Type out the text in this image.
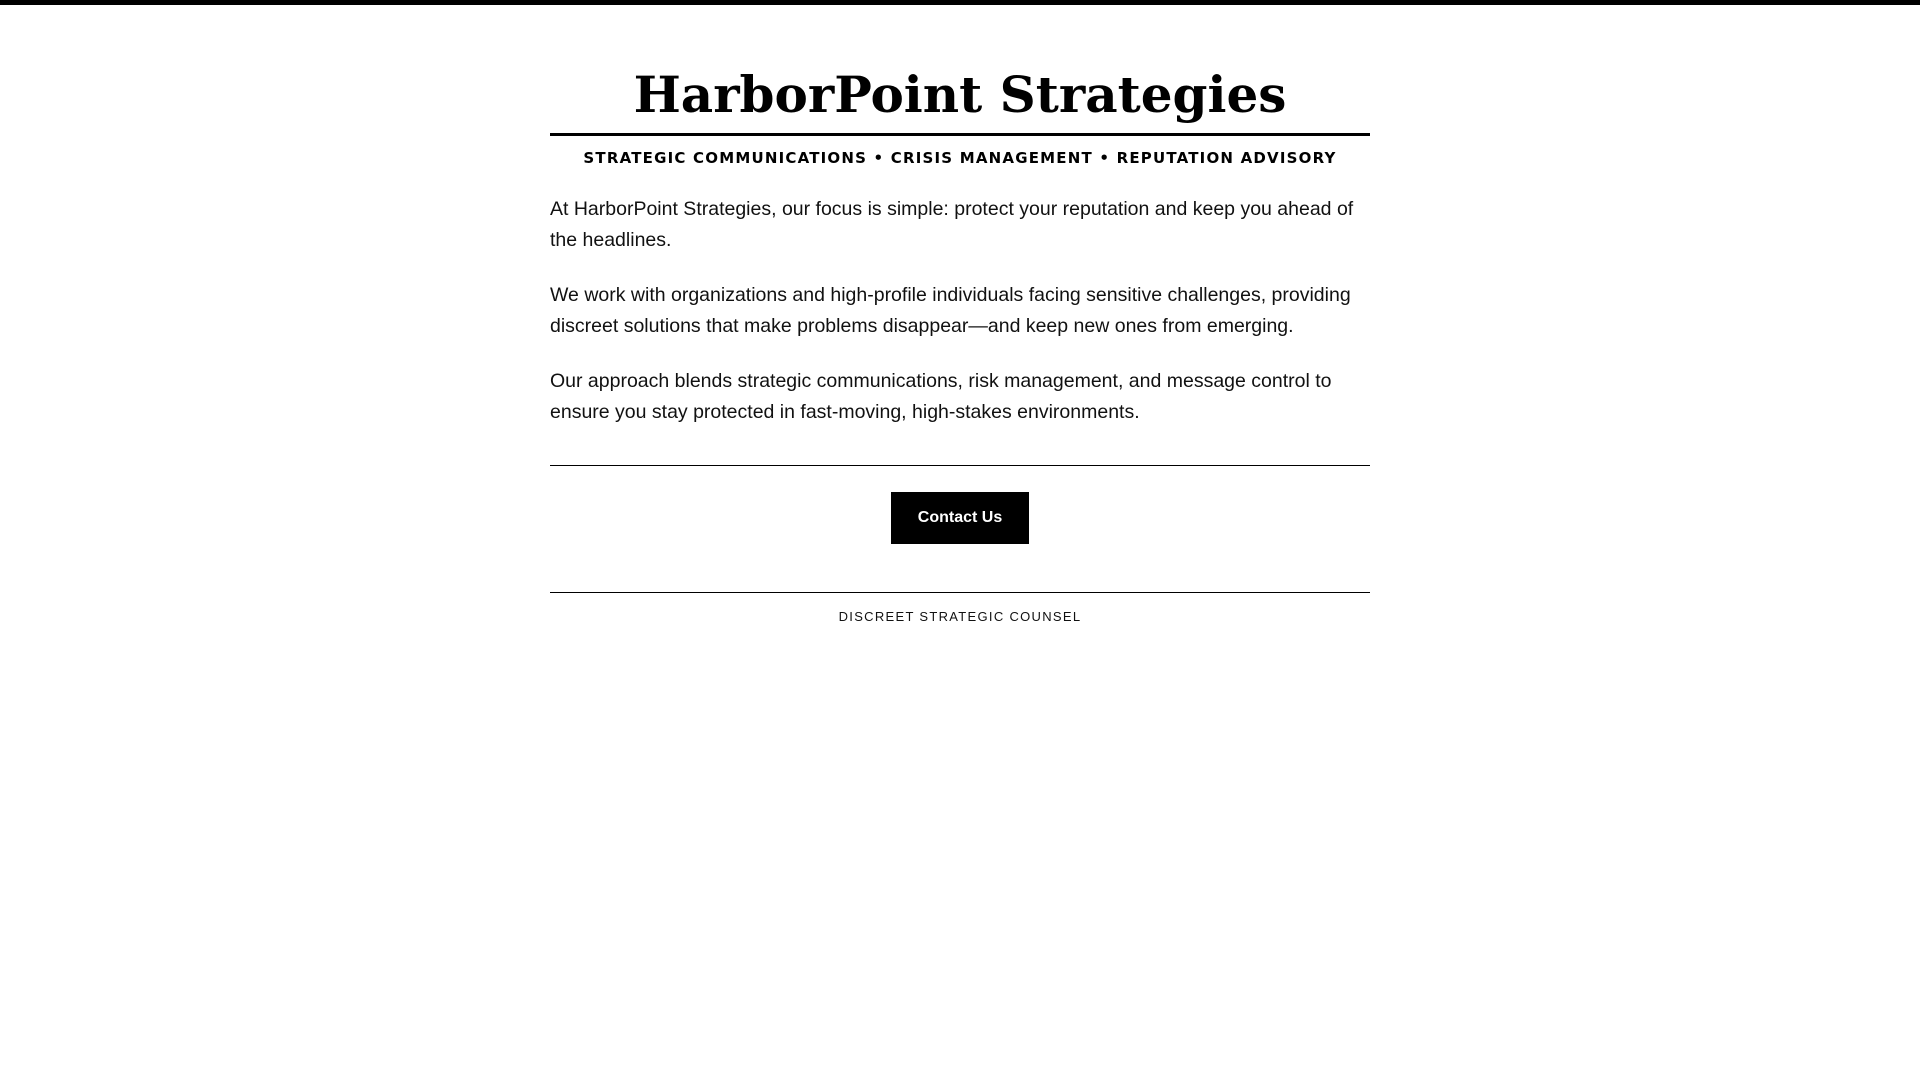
HarborPoint Strategies
STRATEGIC COMMUNICATIONS • CRISIS MANAGEMENT • REPUTATION ADVISORY

At HarborPoint Strategies, our focus is simple: protect your reputation and keep you ahead of the headlines.

We work with organizations and high-profile individuals facing sensitive challenges, providing discreet solutions that make problems disappear—and keep new ones from emerging.

Our approach blends strategic communications, risk management, and message control to ensure you stay protected in fast-moving, high-stakes environments.

Contact Us
DISCREET STRATEGIC COUNSEL
